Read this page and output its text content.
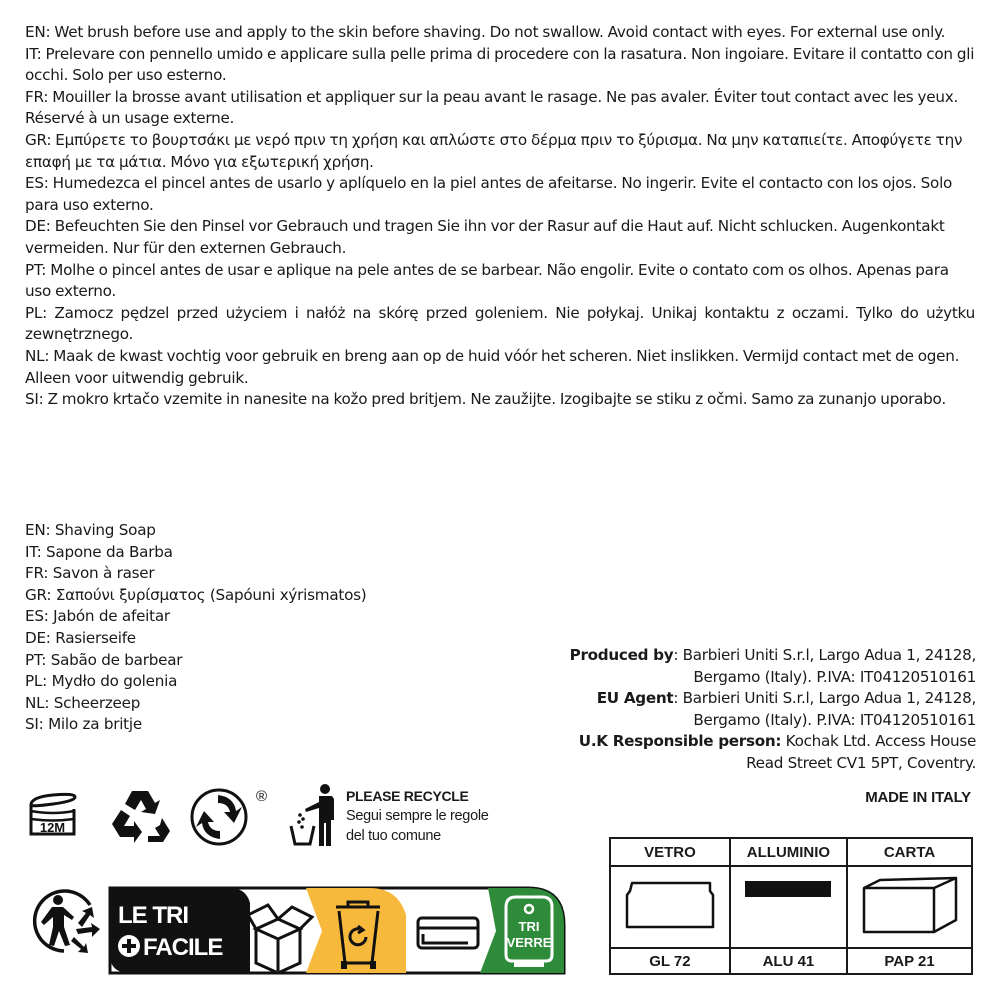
EN: Wet brush before use and apply to the skin before shaving. Do not swallow. Avoid contact with eyes. For external use only.

IT: Prelevare con pennello umido e applicare sulla pelle prima di procedere con la rasatura. Non ingoiare. Evitare il contatto con gli occhi. Solo per uso esterno.

FR: Mouiller la brosse avant utilisation et appliquer sur la peau avant le rasage. Ne pas avaler. Éviter tout contact avec les yeux. Réservé à un usage externe.

GR: Εμπύρετε το βουρτσάκι με νερό πριν τη χρήση και απλώστε στο δέρμα πριν το ξύρισμα. Να μην καταπιείτε. Αποφύγετε την επαφή με τα μάτια. Μόνο για εξωτερική χρήση.

ES: Humedezca el pincel antes de usarlo y aplíquelo en la piel antes de afeitarse. No ingerir. Evite el contacto con los ojos. Solo para uso externo.

DE: Befeuchten Sie den Pinsel vor Gebrauch und tragen Sie ihn vor der Rasur auf die Haut auf. Nicht schlucken. Augenkontakt vermeiden. Nur für den externen Gebrauch.

PT: Molhe o pincel antes de usar e aplique na pele antes de se barbear. Não engolir. Evite o contato com os olhos. Apenas para uso externo.

PL: Zamocz pędzel przed użyciem i nałóż na skórę przed goleniem. Nie połykaj. Unikaj kontaktu z oczami. Tylko do użytku zewnętrznego.

NL: Maak de kwast vochtig voor gebruik en breng aan op de huid vóór het scheren. Niet inslikken. Vermijd contact met de ogen. Alleen voor uitwendig gebruik.

SI: Z mokro krtačo vzemite in nanesite na kožo pred britjem. Ne zaužijte. Izogibajte se stiku z očmi. Samo za zunanjo uporabo.

EN: Shaving Soap
IT: Sapone da Barba
FR: Savon à raser
GR: Σαπούνι ξυρίσματος (Sapóuni xýrismatos)
ES: Jabón de afeitar
DE: Rasierseife
PT: Sabão de barbear
PL: Mydło do golenia
NL: Scheerzeep
SI: Milo za britje
Produced by: Barbieri Uniti S.r.l, Largo Adua 1, 24128,
Bergamo (Italy). P.IVA: IT04120510161
EU Agent: Barbieri Uniti S.r.l, Largo Adua 1, 24128,
Bergamo (Italy). P.IVA: IT04120510161
U.K Responsible person: Kochak Ltd. Access House
Read Street CV1 5PT, Coventry.
MADE IN ITALY
12M
®	PLEASE RECYCLE
Segui sempre le regole
del tuo comune
LE TRI
FACILE
TRI
VERRE
VETRO	ALLUMINIO	CARTA

GL 72	ALU 41	PAP 21
